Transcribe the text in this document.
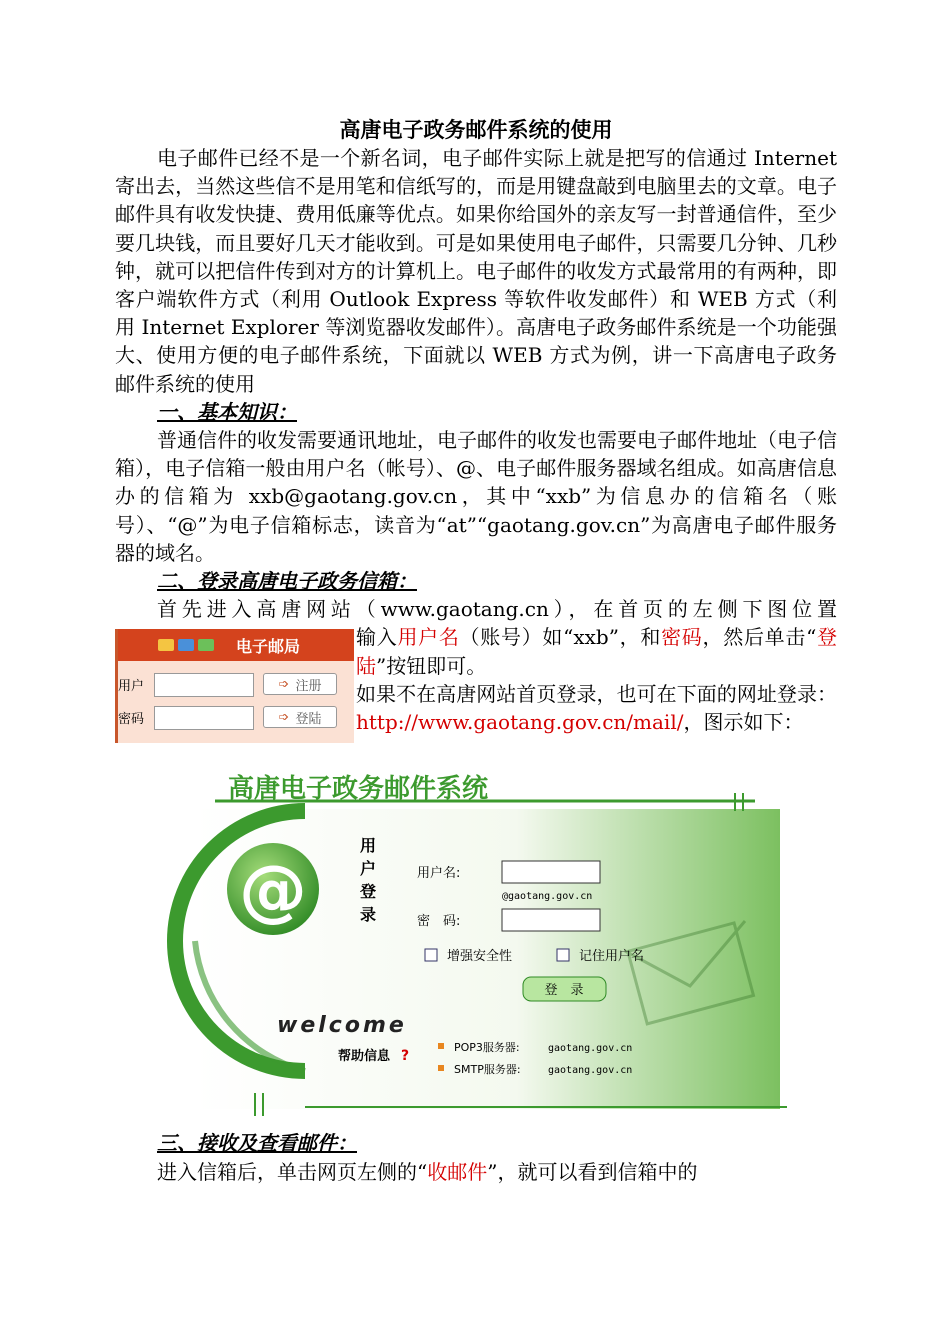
高唐电子政务邮件系统的使用

电子邮件已经不是一个新名词，电子邮件实际上就是把写的信通过 Internet 寄出去，当然这些信不是用笔和信纸写的，而是用键盘敲到电脑里去的文章。电子邮件具有收发快捷、费用低廉等优点。如果你给国外的亲友写一封普通信件，至少要几块钱，而且要好几天才能收到。可是如果使用电子邮件，只需要几分钟、几秒钟，就可以把信件传到对方的计算机上。电子邮件的收发方式最常用的有两种，即客户端软件方式（利用 Outlook Express 等软件收发邮件）和 WEB 方式（利用 Internet Explorer 等浏览器收发邮件）。高唐电子政务邮件系统是一个功能强大、使用方便的电子邮件系统，下面就以 WEB 方式为例，讲一下高唐电子政务邮件系统的使用

一、基本知识：

普通信件的收发需要通讯地址，电子邮件的收发也需要电子邮件地址（电子信箱），电子信箱一般由用户名（帐号）、@、电子邮件服务器域名组成。如高唐信息办的信箱为 xxb@gaotang.gov.cn，其中“xxb”为信息办的信箱名（账号）、“@”为电子信箱标志，读音为“at”“gaotang.gov.cn”为高唐电子邮件服务器的域名。

二、登录高唐电子政务信箱：

首先进入高唐网站（www.gaotang.cn），在首页的左侧下图位置

电子邮局
用户	➩ 注册
密码	➩ 登陆

输入用户名（账号）如“xxb”，和密码，然后单击“登陆”按钮即可。

如果不在高唐网站首页登录，也可在下面的网址登录：http://www.gaotang.gov.cn/mail/，图示如下：

@
高唐电子政务邮件系统
用
户
登
录
用户名:
@gaotang.gov.cn
密　码:
增强安全性	记住用户名
登　录
welcome
帮助信息 ?
POP3服务器:	gaotang.gov.cn
SMTP服务器:	gaotang.gov.cn

三、接收及查看邮件：

进入信箱后，单击网页左侧的“收邮件”，就可以看到信箱中的
